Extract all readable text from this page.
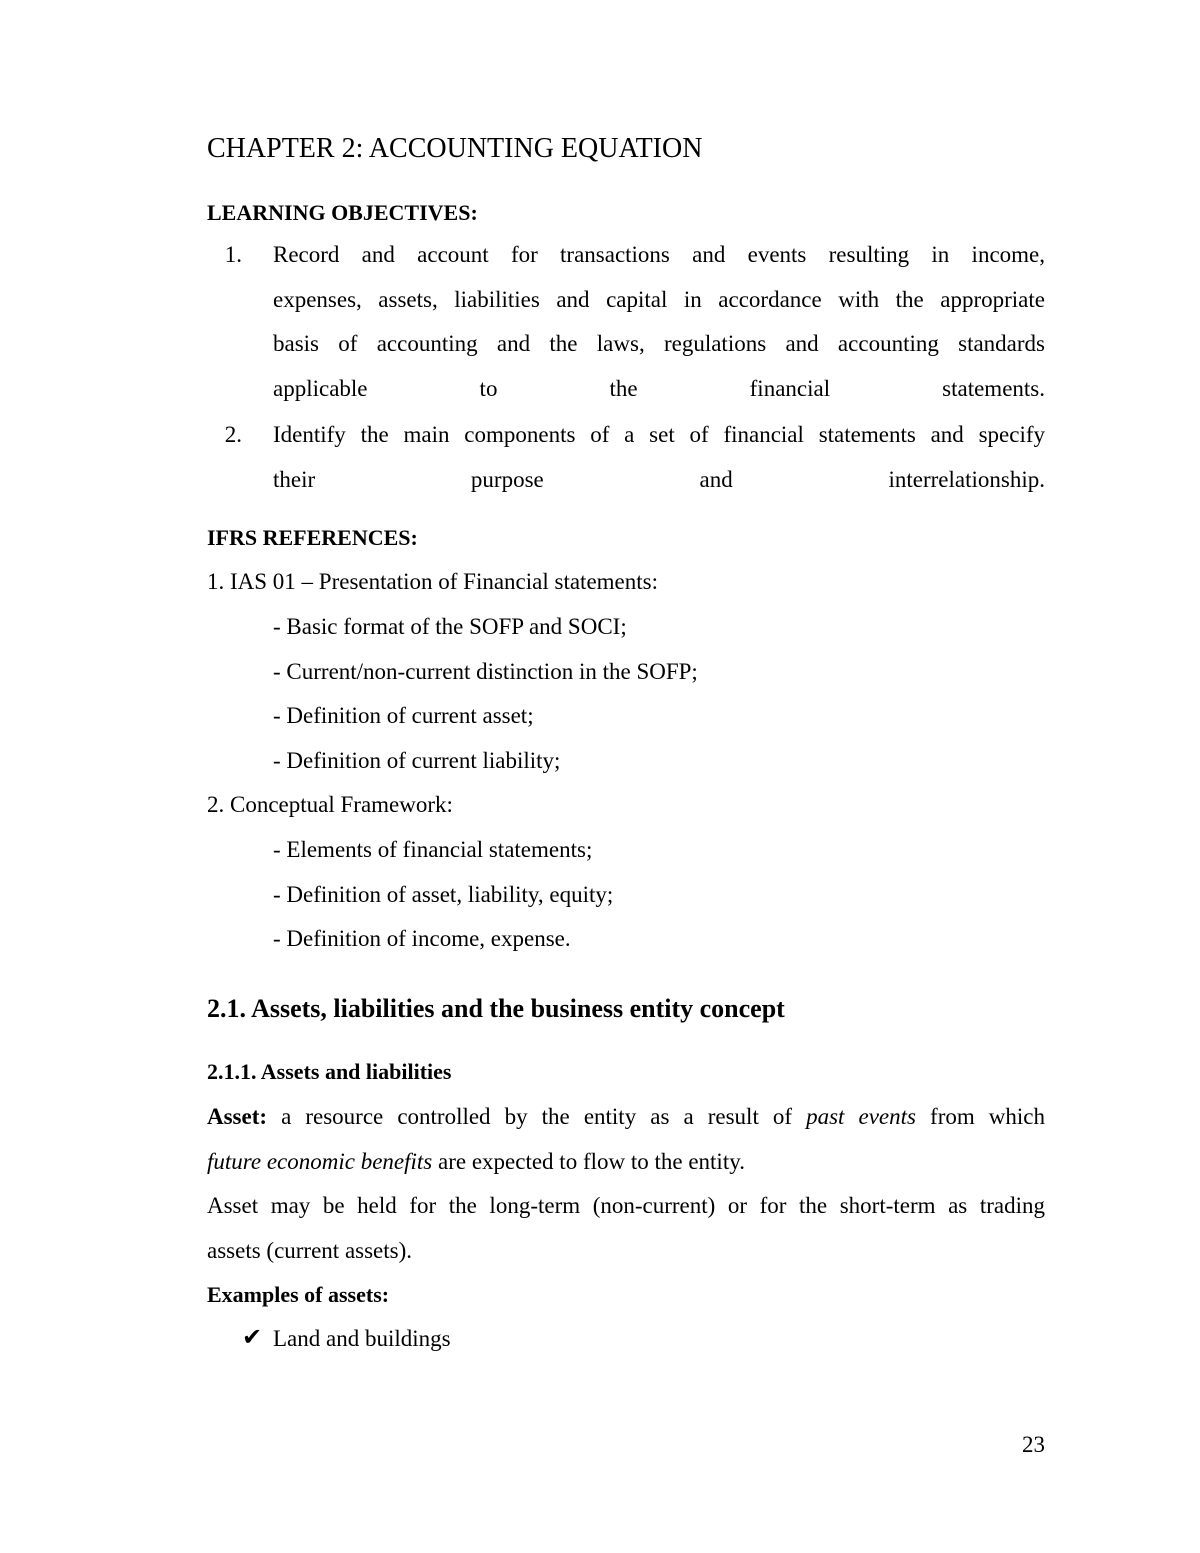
CHAPTER 2: ACCOUNTING EQUATION
LEARNING OBJECTIVES:
1. Record and account for transactions and events resulting in income,
expenses, assets, liabilities and capital in accordance with the appropriate
basis of accounting and the laws, regulations and accounting standards
applicable to the financial statements.
2. Identify the main components of a set of financial statements and specify
their purpose and interrelationship.
IFRS REFERENCES:
1. IAS 01 – Presentation of Financial statements:
- Basic format of the SOFP and SOCI;
- Current/non-current distinction in the SOFP;
- Definition of current asset;
- Definition of current liability;
2. Conceptual Framework:
- Elements of financial statements;
- Definition of asset, liability, equity;
- Definition of income, expense.
2.1. Assets, liabilities and the business entity concept
2.1.1. Assets and liabilities
Asset: a resource controlled by the entity as a result of past events from which
future economic benefits are expected to flow to the entity.
Asset may be held for the long-term (non-current) or for the short-term as trading
assets (current assets).
Examples of assets:
✔ Land and buildings
23
